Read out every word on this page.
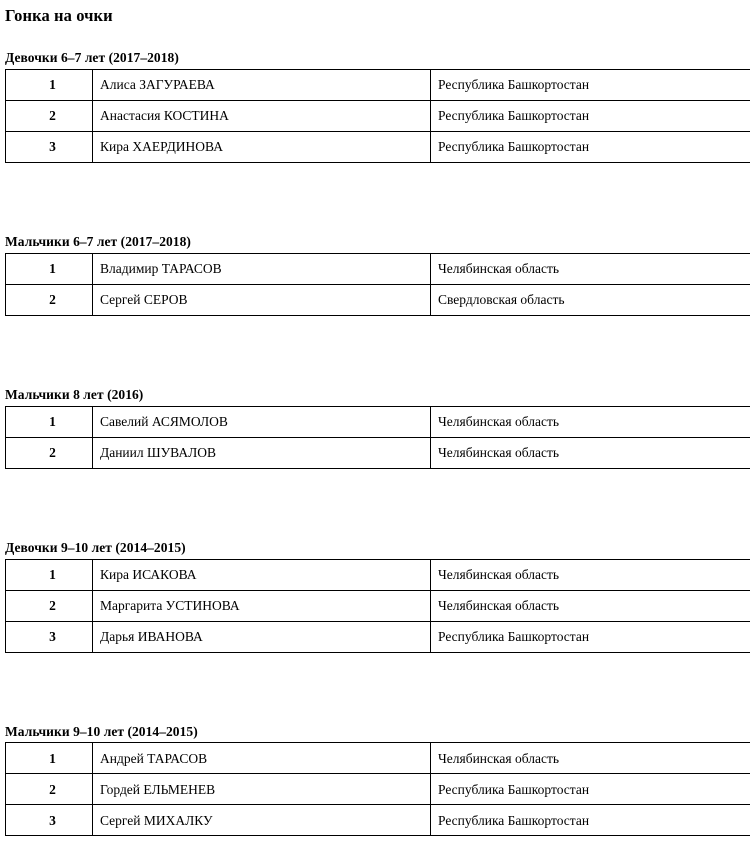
Гонка на очки
Девочки 6–7 лет (2017–2018)
1	Алиса ЗАГУРАЕВА	Республика Башкортостан
2	Анастасия КОСТИНА	Республика Башкортостан
3	Кира ХАЕРДИНОВА	Республика Башкортостан
Мальчики 6–7 лет (2017–2018)
1	Владимир ТАРАСОВ	Челябинская область
2	Сергей СЕРОВ	Свердловская область
Мальчики 8 лет (2016)
1	Савелий АСЯМОЛОВ	Челябинская область
2	Даниил ШУВАЛОВ	Челябинская область
Девочки 9–10 лет (2014–2015)
1	Кира ИСАКОВА	Челябинская область
2	Маргарита УСТИНОВА	Челябинская область
3	Дарья ИВАНОВА	Республика Башкортостан
Мальчики 9–10 лет (2014–2015)
1	Андрей ТАРАСОВ	Челябинская область
2	Гордей ЕЛЬМЕНЕВ	Республика Башкортостан
3	Сергей МИХАЛКУ	Республика Башкортостан
